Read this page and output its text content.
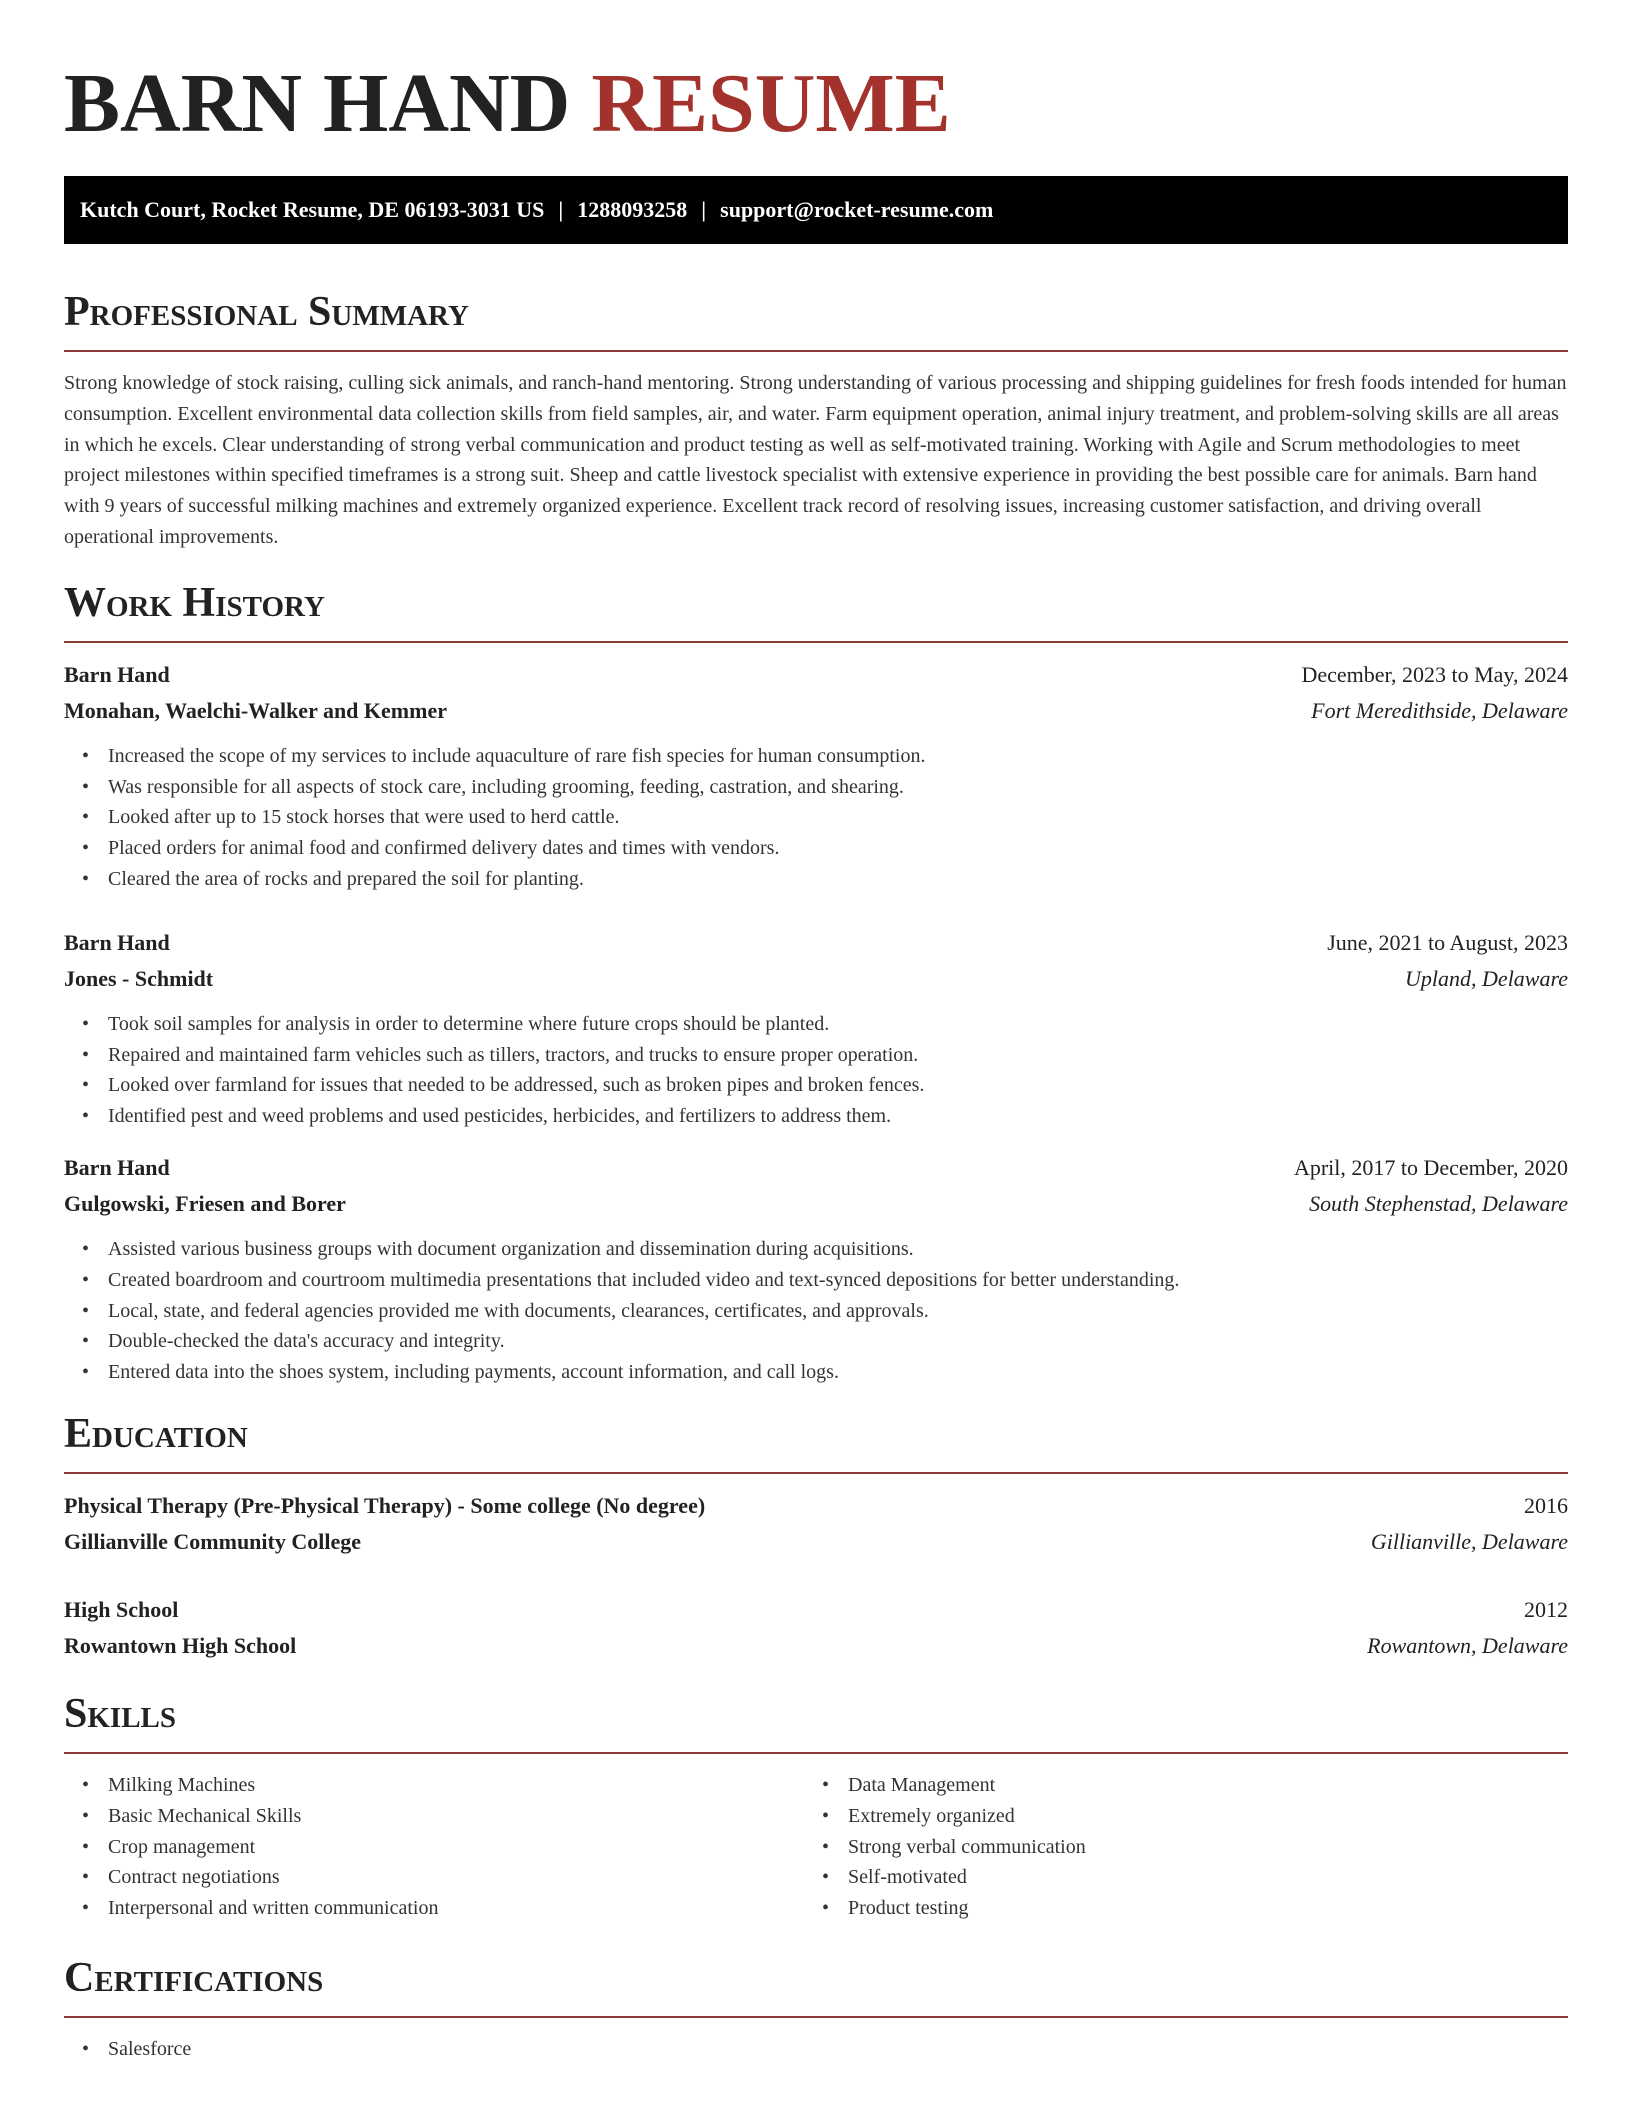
BARN HAND RESUME
Kutch Court, Rocket Resume, DE 06193-3031 US | 1288093258 | support@rocket-resume.com
Professional Summary

Strong knowledge of stock raising, culling sick animals, and ranch-hand mentoring. Strong understanding of various processing and shipping guidelines for fresh foods intended for human consumption. Excellent environmental data collection skills from field samples, air, and water. Farm equipment operation, animal injury treatment, and problem-solving skills are all areas in which he excels. Clear understanding of strong verbal communication and product testing as well as self-motivated training. Working with Agile and Scrum methodologies to meet project milestones within specified timeframes is a strong suit. Sheep and cattle livestock specialist with extensive experience in providing the best possible care for animals. Barn hand with 9 years of successful milking machines and extremely organized experience. Excellent track record of resolving issues, increasing customer satisfaction, and driving overall operational improvements.

Work History
Barn Hand	December, 2023 to May, 2024
Monahan, Waelchi-Walker and Kemmer	Fort Meredithside, Delaware
• Increased the scope of my services to include aquaculture of rare fish species for human consumption.
• Was responsible for all aspects of stock care, including grooming, feeding, castration, and shearing.
• Looked after up to 15 stock horses that were used to herd cattle.
• Placed orders for animal food and confirmed delivery dates and times with vendors.
• Cleared the area of rocks and prepared the soil for planting.
Barn Hand	June, 2021 to August, 2023
Jones - Schmidt	Upland, Delaware
• Took soil samples for analysis in order to determine where future crops should be planted.
• Repaired and maintained farm vehicles such as tillers, tractors, and trucks to ensure proper operation.
• Looked over farmland for issues that needed to be addressed, such as broken pipes and broken fences.
• Identified pest and weed problems and used pesticides, herbicides, and fertilizers to address them.
Barn Hand	April, 2017 to December, 2020
Gulgowski, Friesen and Borer	South Stephenstad, Delaware
• Assisted various business groups with document organization and dissemination during acquisitions.
• Created boardroom and courtroom multimedia presentations that included video and text-synced depositions for better understanding.
• Local, state, and federal agencies provided me with documents, clearances, certificates, and approvals.
• Double-checked the data's accuracy and integrity.
• Entered data into the shoes system, including payments, account information, and call logs.
Education
Physical Therapy (Pre-Physical Therapy) - Some college (No degree)	2016
Gillianville Community College	Gillianville, Delaware
High School	2012
Rowantown High School	Rowantown, Delaware
Skills
• Milking Machines
• Basic Mechanical Skills
• Crop management
• Contract negotiations
• Interpersonal and written communication
• Data Management
• Extremely organized
• Strong verbal communication
• Self-motivated
• Product testing
Certifications
• Salesforce
